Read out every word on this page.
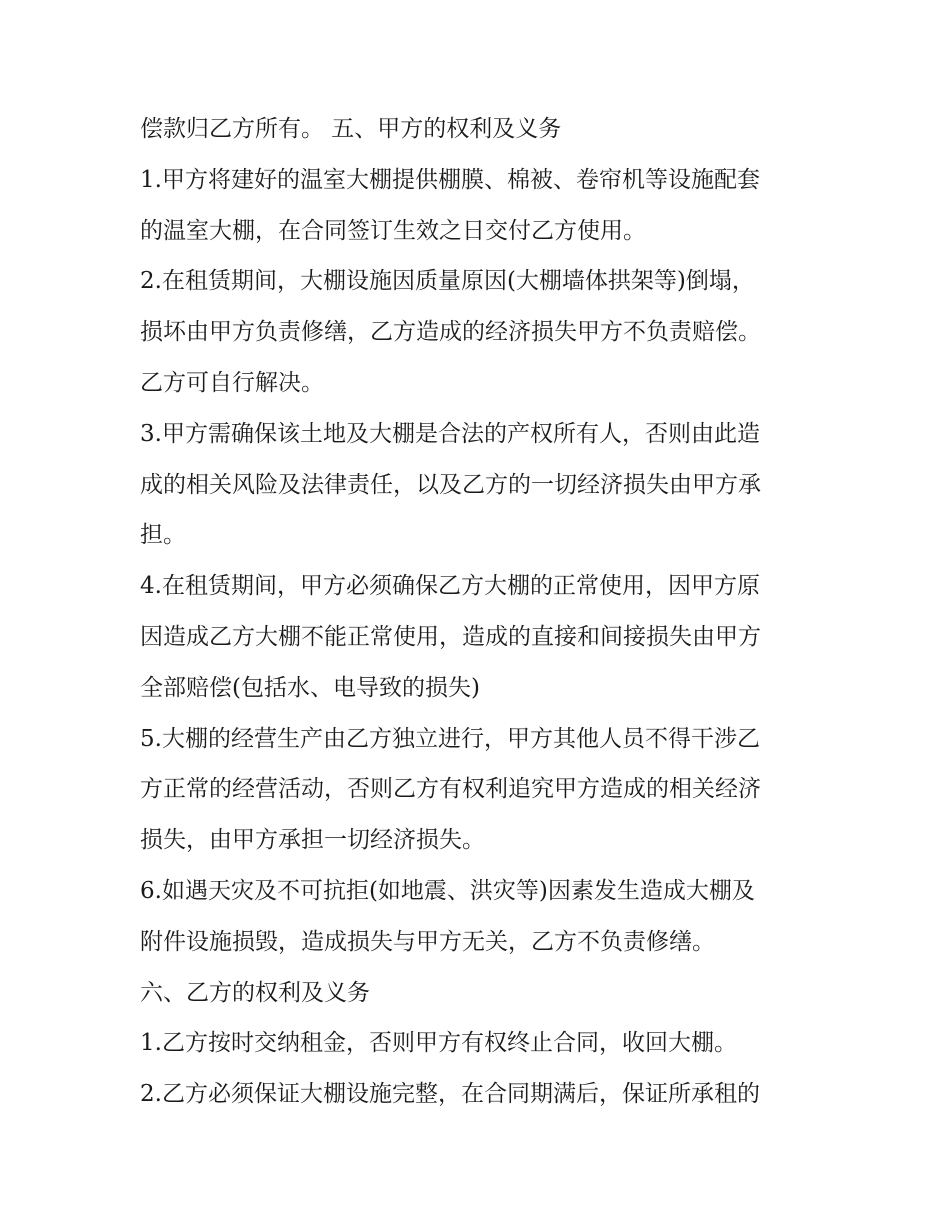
偿款归乙方所有。 五、甲方的权利及义务
1.甲方将建好的温室大棚提供棚膜、棉被、卷帘机等设施配套
的温室大棚，在合同签订生效之日交付乙方使用。
2.在租赁期间，大棚设施因质量原因(大棚墙体拱架等)倒塌，
损坏由甲方负责修缮，乙方造成的经济损失甲方不负责赔偿。
乙方可自行解决。
3.甲方需确保该土地及大棚是合法的产权所有人，否则由此造
成的相关风险及法律责任，以及乙方的一切经济损失由甲方承
担。
4.在租赁期间，甲方必须确保乙方大棚的正常使用，因甲方原
因造成乙方大棚不能正常使用，造成的直接和间接损失由甲方
全部赔偿(包括水、电导致的损失)
5.大棚的经营生产由乙方独立进行，甲方其他人员不得干涉乙
方正常的经营活动，否则乙方有权利追究甲方造成的相关经济
损失，由甲方承担一切经济损失。
6.如遇天灾及不可抗拒(如地震、洪灾等)因素发生造成大棚及
附件设施损毁，造成损失与甲方无关，乙方不负责修缮。
六、乙方的权利及义务
1.乙方按时交纳租金，否则甲方有权终止合同，收回大棚。
2.乙方必须保证大棚设施完整，在合同期满后，保证所承租的
